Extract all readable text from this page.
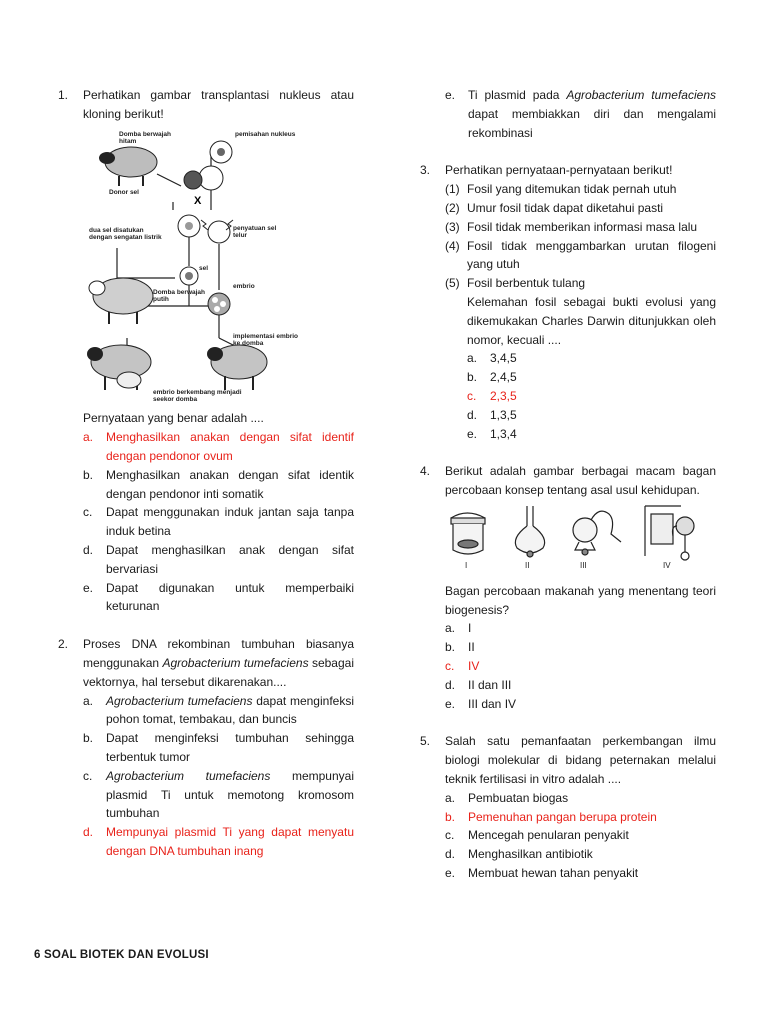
1. Perhatikan gambar transplantasi nukleus atau kloning berikut!
X
Domba berwajah hitam
pemisahan nukleus
Donor sel
dua sel disatukan dengan sengatan listrik
penyatuan sel telur
sel
embrio
Domba berwajah putih
implementasi embrio ke domba
embrio berkembang menjadi seekor domba
Pernyataan yang benar adalah ....
a. Menghasilkan anakan dengan sifat identif dengan pendonor ovum
b. Menghasilkan anakan dengan sifat identik dengan pendonor inti somatik
c. Dapat menggunakan induk jantan saja tanpa induk betina
d. Dapat menghasilkan anak dengan sifat bervariasi
e. Dapat digunakan untuk memperbaiki keturunan
2. Proses DNA rekombinan tumbuhan biasanya menggunakan Agrobacterium tumefaciens sebagai vektornya, hal tersebut dikarenakan....
a. Agrobacterium tumefaciens dapat menginfeksi pohon tomat, tembakau, dan buncis
b. Dapat menginfeksi tumbuhan sehingga terbentuk tumor
c. Agrobacterium tumefaciens mempunyai plasmid Ti untuk memotong kromosom tumbuhan
d. Mempunyai plasmid Ti yang dapat menyatu dengan DNA tumbuhan inang
e. Ti plasmid pada Agrobacterium tumefaciens dapat membiakkan diri dan mengalami rekombinasi
3. Perhatikan pernyataan-pernyataan berikut!
(1) Fosil yang ditemukan tidak pernah utuh
(2) Umur fosil tidak dapat diketahui pasti
(3) Fosil tidak memberikan informasi masa lalu
(4) Fosil tidak menggambarkan urutan filogeni yang utuh
(5) Fosil berbentuk tulang
Kelemahan fosil sebagai bukti evolusi yang dikemukakan Charles Darwin ditunjukkan oleh nomor, kecuali ....
a. 3,4,5
b. 2,4,5
c. 2,3,5
d. 1,3,5
e. 1,3,4
4. Berikut adalah gambar berbagai macam bagan percobaan konsep tentang asal usul kehidupan.
I	II	III	IV
Bagan percobaan makanah yang menentang teori biogenesis?
a. I
b. II
c. IV
d. II dan III
e. III dan IV
5. Salah satu pemanfaatan perkembangan ilmu biologi molekular di bidang peternakan melalui teknik fertilisasi in vitro adalah ....
a. Pembuatan biogas
b. Pemenuhan pangan berupa protein
c. Mencegah penularan penyakit
d. Menghasilkan antibiotik
e. Membuat hewan tahan penyakit
6 SOAL BIOTEK DAN EVOLUSI
